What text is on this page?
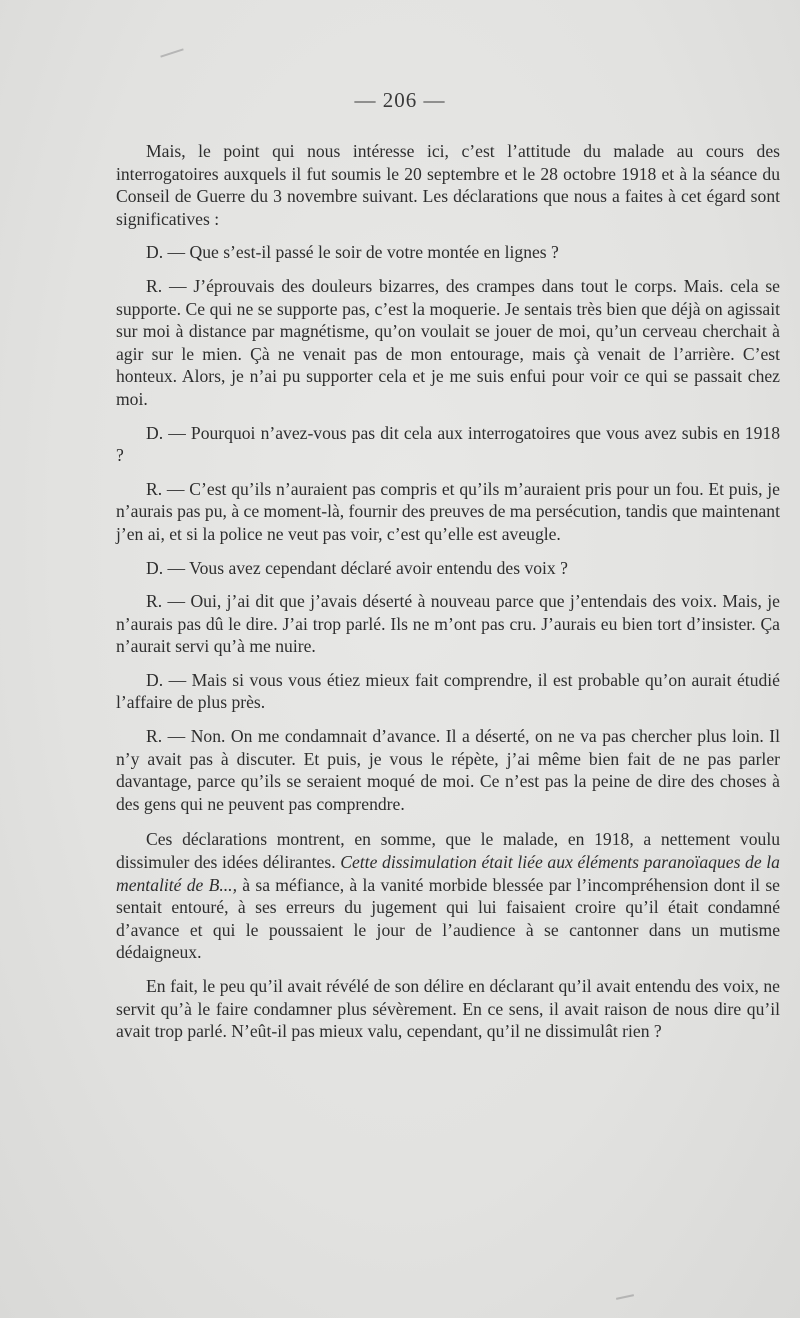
— 206 —

Mais, le point qui nous intéresse ici, c’est l’attitude du malade au cours des interrogatoires auxquels il fut soumis le 20 septembre et le 28 octobre 1918 et à la séance du Conseil de Guerre du 3 novembre suivant. Les déclarations que nous a faites à cet égard sont significatives :

D. — Que s’est-il passé le soir de votre montée en lignes ?

R. — J’éprouvais des douleurs bizarres, des crampes dans tout le corps. Mais. cela se supporte. Ce qui ne se supporte pas, c’est la moquerie. Je sentais très bien que déjà on agissait sur moi à distance par magnétisme, qu’on voulait se jouer de moi, qu’un cerveau cherchait à agir sur le mien. Çà ne venait pas de mon entourage, mais çà venait de l’arrière. C’est honteux. Alors, je n’ai pu supporter cela et je me suis enfui pour voir ce qui se passait chez moi.

D. — Pourquoi n’avez-vous pas dit cela aux interrogatoires que vous avez subis en 1918 ?

R. — C’est qu’ils n’auraient pas compris et qu’ils m’auraient pris pour un fou. Et puis, je n’aurais pas pu, à ce moment-là, fournir des preuves de ma persécution, tandis que maintenant j’en ai, et si la police ne veut pas voir, c’est qu’elle est aveugle.

D. — Vous avez cependant déclaré avoir entendu des voix ?

R. — Oui, j’ai dit que j’avais déserté à nouveau parce que j’entendais des voix. Mais, je n’aurais pas dû le dire. J’ai trop parlé. Ils ne m’ont pas cru. J’aurais eu bien tort d’insister. Ça n’aurait servi qu’à me nuire.

D. — Mais si vous vous étiez mieux fait comprendre, il est probable qu’on aurait étudié l’affaire de plus près.

R. — Non. On me condamnait d’avance. Il a déserté, on ne va pas chercher plus loin. Il n’y avait pas à discuter. Et puis, je vous le répète, j’ai même bien fait de ne pas parler davantage, parce qu’ils se seraient moqué de moi. Ce n’est pas la peine de dire des choses à des gens qui ne peuvent pas comprendre.

Ces déclarations montrent, en somme, que le malade, en 1918, a nettement voulu dissimuler des idées délirantes. Cette dissimulation était liée aux éléments paranoïaques de la mentalité de B..., à sa méfiance, à la vanité morbide blessée par l’incompréhension dont il se sentait entouré, à ses erreurs du jugement qui lui faisaient croire qu’il était condamné d’avance et qui le poussaient le jour de l’audience à se cantonner dans un mutisme dédaigneux.

En fait, le peu qu’il avait révélé de son délire en déclarant qu’il avait entendu des voix, ne servit qu’à le faire condamner plus sévèrement. En ce sens, il avait raison de nous dire qu’il avait trop parlé. N’eût-il pas mieux valu, cependant, qu’il ne dissimulât rien ?
